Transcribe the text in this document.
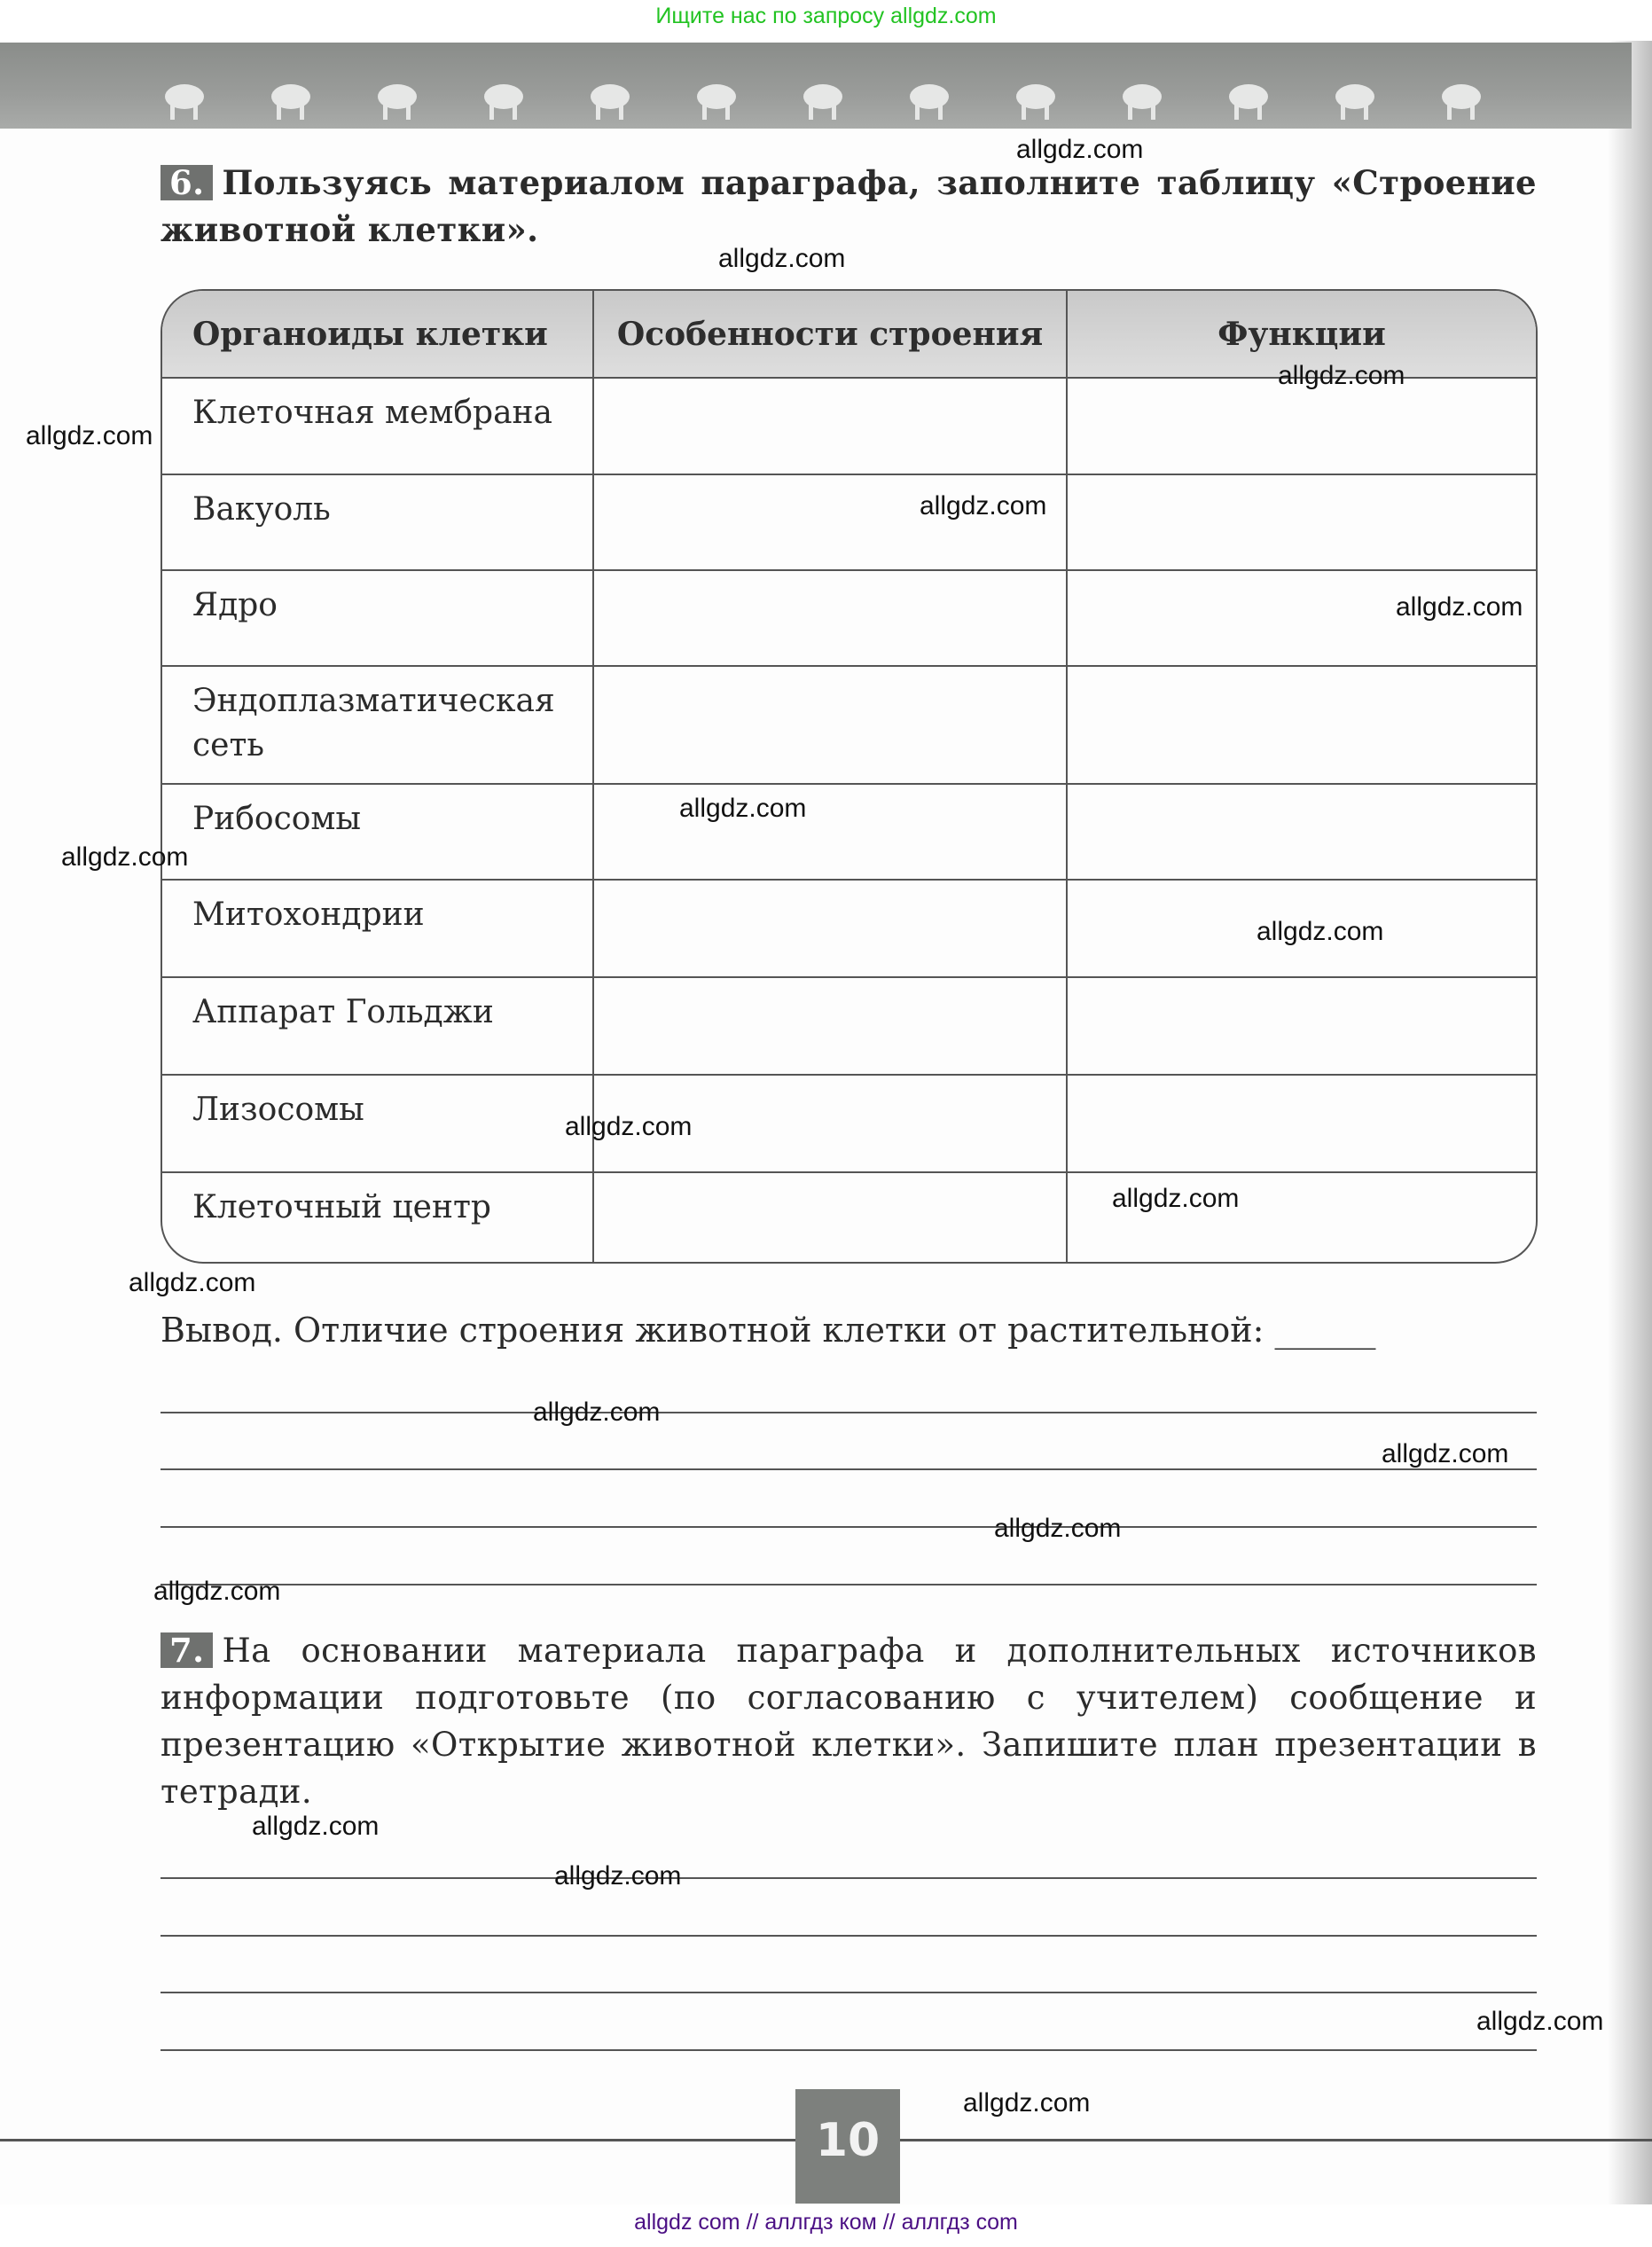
Ищите нас по запросу allgdz.com
6. Пользуясь материалом параграфа, заполните таблицу «Строение животной клетки».
Органоиды клетки	Особенности строения	Функции
Клеточная мембрана		
Вакуоль		
Ядро		
Эндоплазматическая сеть		
Рибосомы		
Митохондрии		
Аппарат Гольджи		
Лизосомы		
Клеточный центр		
Вывод. Отличие строения животной клетки от растительной: ______
7. На основании материала параграфа и дополнительных источников информации подготовьте (по согласованию с учителем) сообщение и презентацию «Открытие животной клетки». Запишите план презентации в тетради.
10
allgdz.com
allgdz.com
allgdz.com
allgdz.com
allgdz.com
allgdz.com
allgdz.com
allgdz.com
allgdz.com
allgdz.com
allgdz.com
allgdz.com
allgdz.com
allgdz.com
allgdz.com
allgdz.com
allgdz.com
allgdz.com
allgdz.com
allgdz.com
allgdz com // аллгдз ком // аллгдз com
